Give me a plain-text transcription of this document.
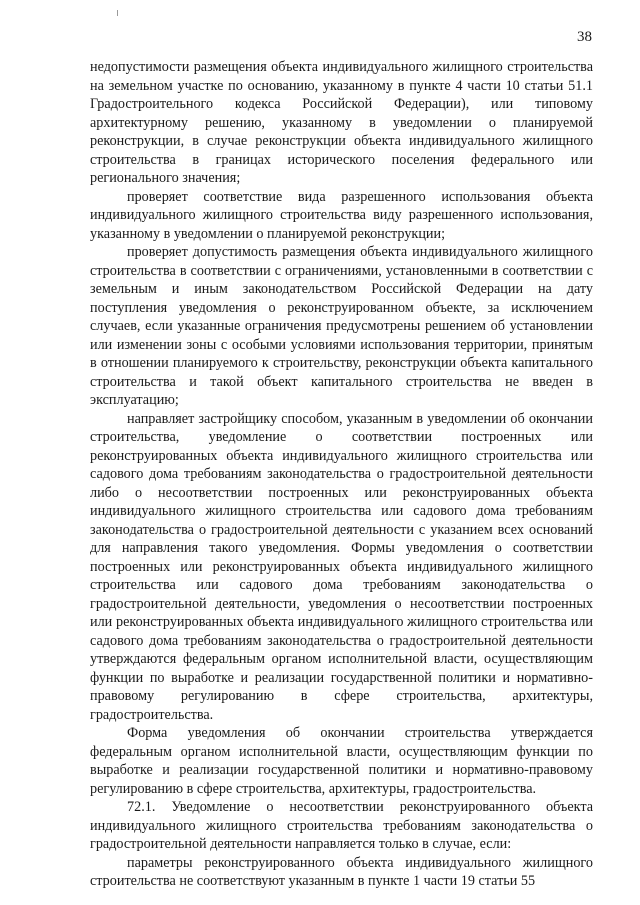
38

недопустимости размещения объекта индивидуального жилищного строительства на земельном участке по основанию, указанному в пункте 4 части 10 статьи 51.1 Градостроительного кодекса Российской Федерации), или типовому архитектурному решению, указанному в уведомлении о планируемой реконструкции, в случае реконструкции объекта индивидуального жилищного строительства в границах исторического поселения федерального или регионального значения;

проверяет соответствие вида разрешенного использования объекта индивидуального жилищного строительства виду разрешенного использования, указанному в уведомлении о планируемой реконструкции;

проверяет допустимость размещения объекта индивидуального жилищного строительства в соответствии с ограничениями, установленными в соответствии с земельным и иным законодательством Российской Федерации на дату поступления уведомления о реконструированном объекте, за исключением случаев, если указанные ограничения предусмотрены решением об установлении или изменении зоны с особыми условиями использования территории, принятым в отношении планируемого к строительству, реконструкции объекта капитального строительства и такой объект капитального строительства не введен в эксплуатацию;

направляет застройщику способом, указанным в уведомлении об окончании строительства, уведомление о соответствии построенных или реконструированных объекта индивидуального жилищного строительства или садового дома требованиям законодательства о градостроительной деятельности либо о несоответствии построенных или реконструированных объекта индивидуального жилищного строительства или садового дома требованиям законодательства о градостроительной деятельности с указанием всех оснований для направления такого уведомления. Формы уведомления о соответствии построенных или реконструированных объекта индивидуального жилищного строительства или садового дома требованиям законодательства о градостроительной деятельности, уведомления о несоответствии построенных или реконструированных объекта индивидуального жилищного строительства или садового дома требованиям законодательства о градостроительной деятельности утверждаются федеральным органом исполнительной власти, осуществляющим функции по выработке и реализации государственной политики и нормативно-правовому регулированию в сфере строительства, архитектуры, градостроительства.

Форма уведомления об окончании строительства утверждается федеральным органом исполнительной власти, осуществляющим функции по выработке и реализации государственной политики и нормативно-правовому регулированию в сфере строительства, архитектуры, градостроительства.

72.1. Уведомление о несоответствии реконструированного объекта индивидуального жилищного строительства требованиям законодательства о градостроительной деятельности направляется только в случае, если:

параметры реконструированного объекта индивидуального жилищного строительства не соответствуют указанным в пункте 1 части 19 статьи 55
